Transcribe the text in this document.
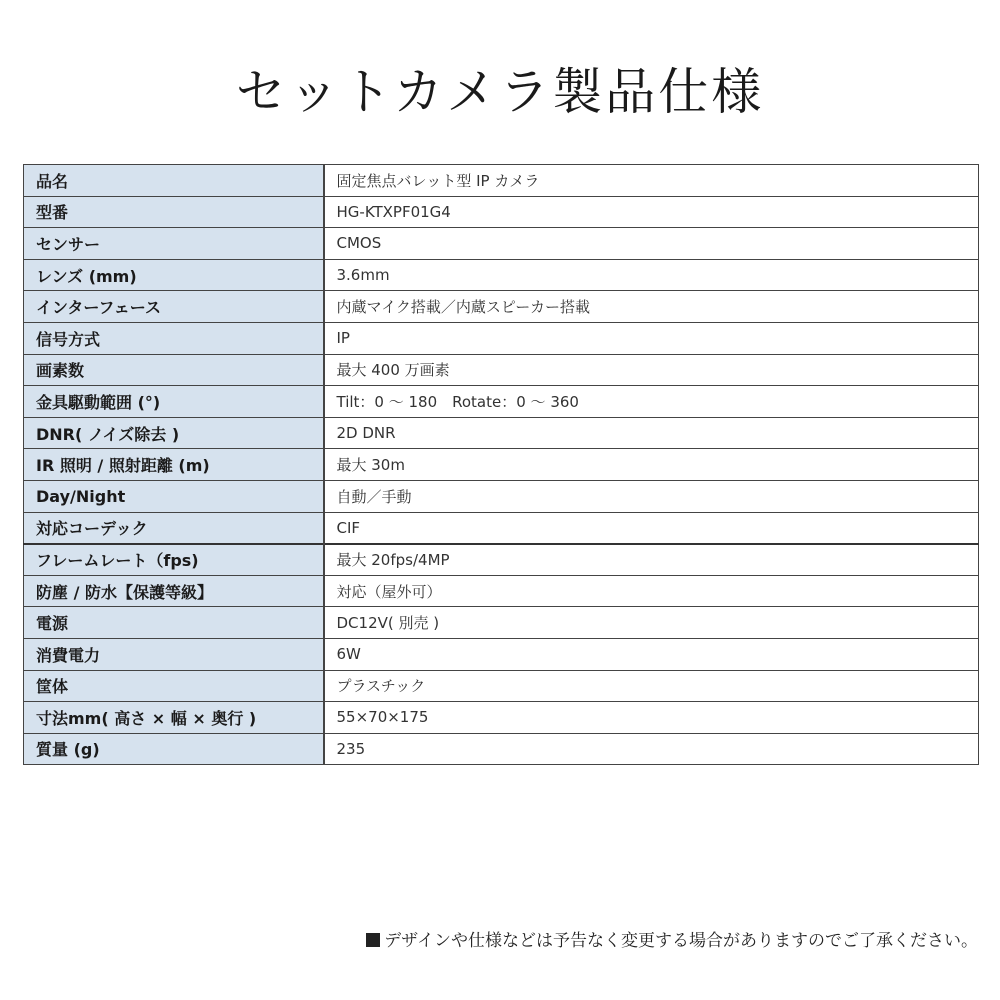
セットカメラ製品仕様
品名	固定焦点バレット型 IP カメラ
型番	HG-KTXPF01G4
センサー	CMOS
レンズ (mm)	3.6mm
インターフェース	内蔵マイク搭載／内蔵スピーカー搭載
信号方式	IP
画素数	最大 400 万画素
金具駆動範囲 (°)	Tilt：0 ～ 180　Rotate：0 ～ 360
DNR( ノイズ除去 )	2D DNR
IR 照明 / 照射距離 (m)	最大 30m
Day/Night	自動／手動
対応コーデック	CIF
フレームレート（fps)	最大 20fps/4MP
防塵 / 防水【保護等級】	対応（屋外可）
電源	DC12V( 別売 )
消費電力	6W
筐体	プラスチック
寸法mm( 高さ × 幅 × 奥行 )	55×70×175
質量 (g)	235
デザインや仕様などは予告なく変更する場合がありますのでご了承ください。
